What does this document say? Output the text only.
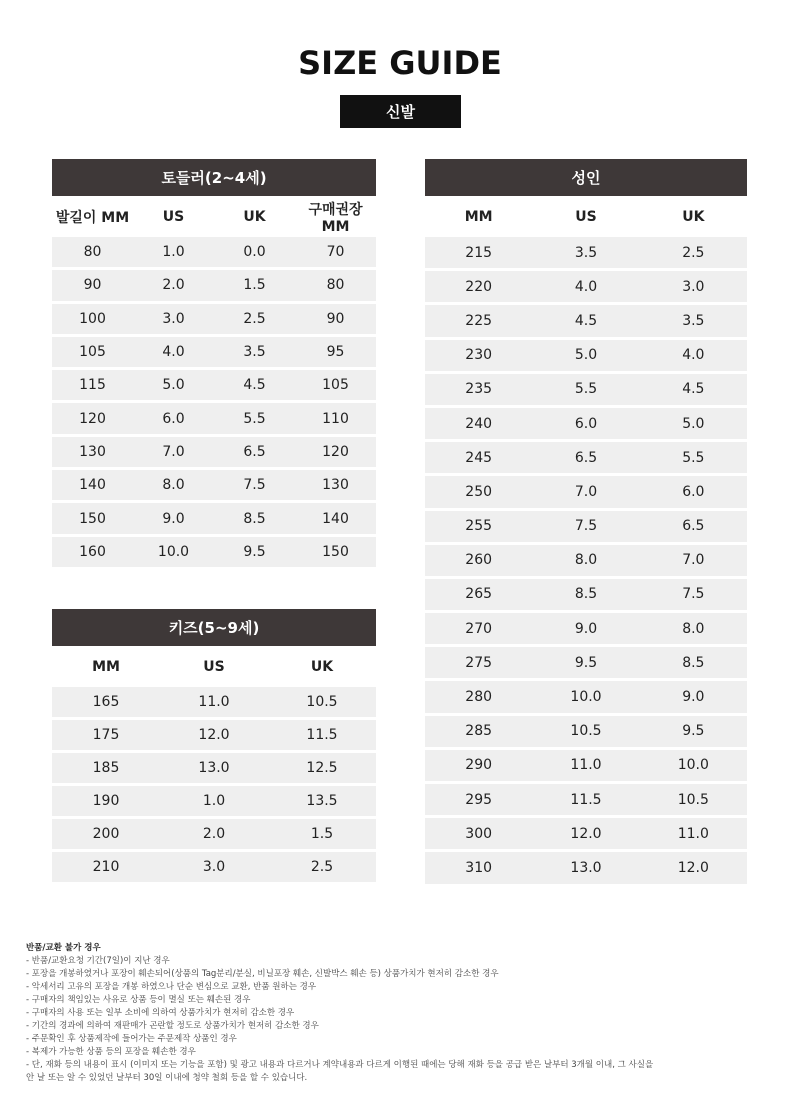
SIZE GUIDE
신발
토들러(2~4세)
발길이 MM	US	UK	구매권장 MM
80	1.0	0.0	70
90	2.0	1.5	80
100	3.0	2.5	90
105	4.0	3.5	95
115	5.0	4.5	105
120	6.0	5.5	110
130	7.0	6.5	120
140	8.0	7.5	130
150	9.0	8.5	140
160	10.0	9.5	150
키즈(5~9세)
MM	US	UK
165	11.0	10.5
175	12.0	11.5
185	13.0	12.5
190	1.0	13.5
200	2.0	1.5
210	3.0	2.5
성인
MM	US	UK
215	3.5	2.5
220	4.0	3.0
225	4.5	3.5
230	5.0	4.0
235	5.5	4.5
240	6.0	5.0
245	6.5	5.5
250	7.0	6.0
255	7.5	6.5
260	8.0	7.0
265	8.5	7.5
270	9.0	8.0
275	9.5	8.5
280	10.0	9.0
285	10.5	9.5
290	11.0	10.0
295	11.5	10.5
300	12.0	11.0
310	13.0	12.0
반품/교환 불가 경우
- 반품/교환요청 기간(7일)이 지난 경우
- 포장을 개봉하였거나 포장이 훼손되어(상품의 Tag분리/분실, 비닐포장 훼손, 신발박스 훼손 등) 상품가치가 현저히 감소한 경우
- 악세서리 고유의 포장을 개봉 하였으나 단순 변심으로 교환, 반품 원하는 경우
- 구매자의 책임있는 사유로 상품 등이 멸실 또는 훼손된 경우
- 구매자의 사용 또는 일부 소비에 의하여 상품가치가 현저히 감소한 경우
- 기간의 경과에 의하여 재판매가 곤란할 정도로 상품가치가 현저히 감소한 경우
- 주문확인 후 상품제작에 들어가는 주문제작 상품인 경우
- 복제가 가능한 상품 등의 포장을 훼손한 경우
- 단, 재화 등의 내용이 표시 (이미지 또는 기능을 포함) 및 광고 내용과 다르거나 계약내용과 다르게 이행된 때에는 당해 재화 등을 공급 받은 날부터 3개월 이내, 그 사실을
안 날 또는 알 수 있었던 날부터 30일 이내에 청약 철회 등을 할 수 있습니다.
